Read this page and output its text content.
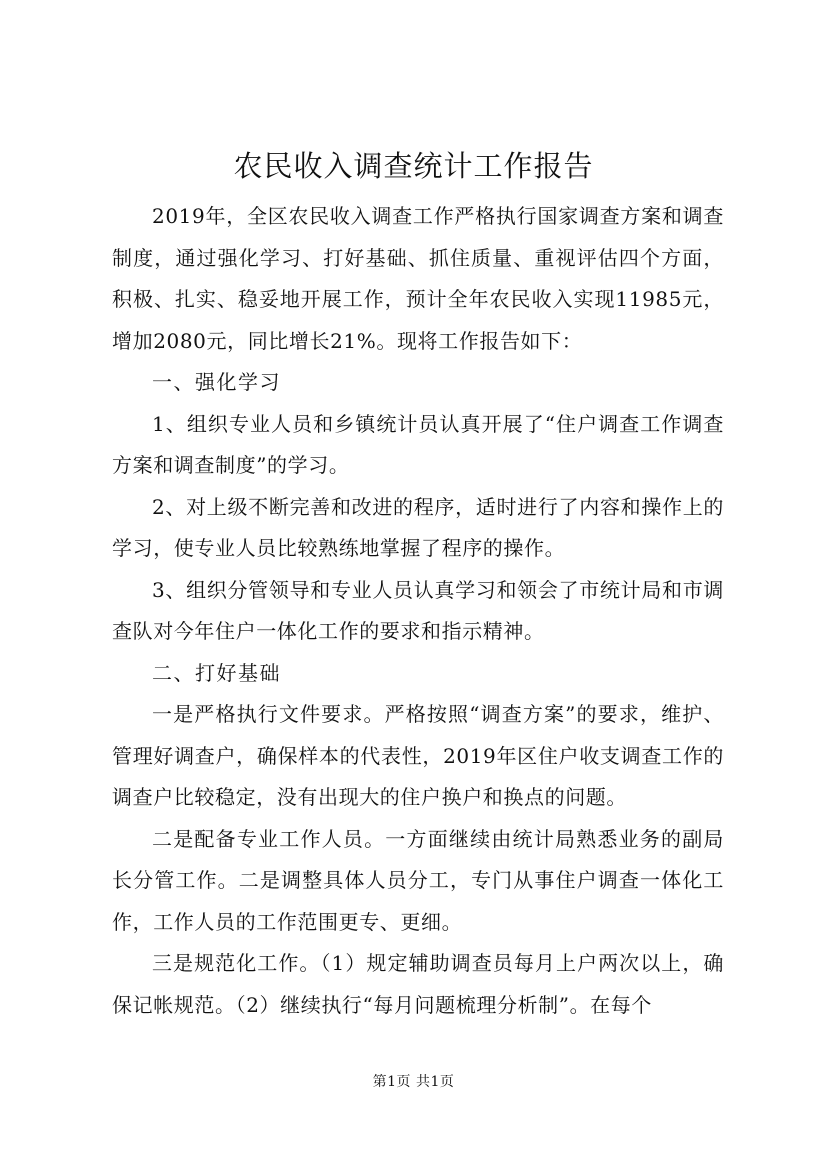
农民收入调查统计工作报告

2019年，全区农民收入调查工作严格执行国家调查方案和调查制度，通过强化学习、打好基础、抓住质量、重视评估四个方面，积极、扎实、稳妥地开展工作，预计全年农民收入实现11985元，增加2080元，同比增长21%。现将工作报告如下：

一、强化学习

1、组织专业人员和乡镇统计员认真开展了“住户调查工作调查方案和调查制度”的学习。

2、对上级不断完善和改进的程序，适时进行了内容和操作上的学习，使专业人员比较熟练地掌握了程序的操作。

3、组织分管领导和专业人员认真学习和领会了市统计局和市调查队对今年住户一体化工作的要求和指示精神。

二、打好基础

一是严格执行文件要求。严格按照“调查方案”的要求，维护、管理好调查户，确保样本的代表性，2019年区住户收支调查工作的调查户比较稳定，没有出现大的住户换户和换点的问题。

二是配备专业工作人员。一方面继续由统计局熟悉业务的副局长分管工作。二是调整具体人员分工，专门从事住户调查一体化工作，工作人员的工作范围更专、更细。

三是规范化工作。（1）规定辅助调查员每月上户两次以上，确保记帐规范。（2）继续执行“每月问题梳理分析制”。在每个

第1页 共1页
